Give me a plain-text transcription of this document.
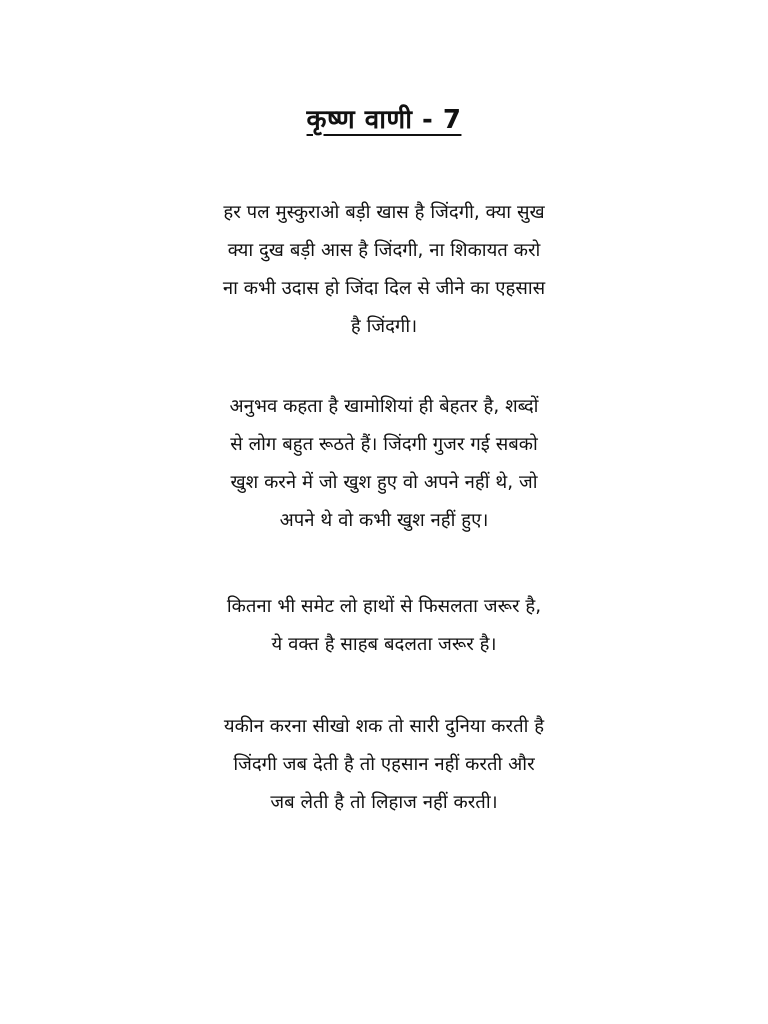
कृष्ण वाणी - 7
हर पल मुस्कुराओ बड़ी खास है जिंदगी, क्या सुख
क्या दुख बड़ी आस है जिंदगी, ना शिकायत करो
ना कभी उदास हो जिंदा दिल से जीने का एहसास
है जिंदगी।
अनुभव कहता है खामोशियां ही बेहतर है, शब्दों
से लोग बहुत रूठते हैं। जिंदगी गुजर गई सबको
खुश करने में जो खुश हुए वो अपने नहीं थे, जो
अपने थे वो कभी खुश नहीं हुए।
कितना भी समेट लो हाथों से फिसलता जरूर है,
ये वक्त है साहब बदलता जरूर है।
यकीन करना सीखो शक तो सारी दुनिया करती है
जिंदगी जब देती है तो एहसान नहीं करती और
जब लेती है तो लिहाज नहीं करती।
